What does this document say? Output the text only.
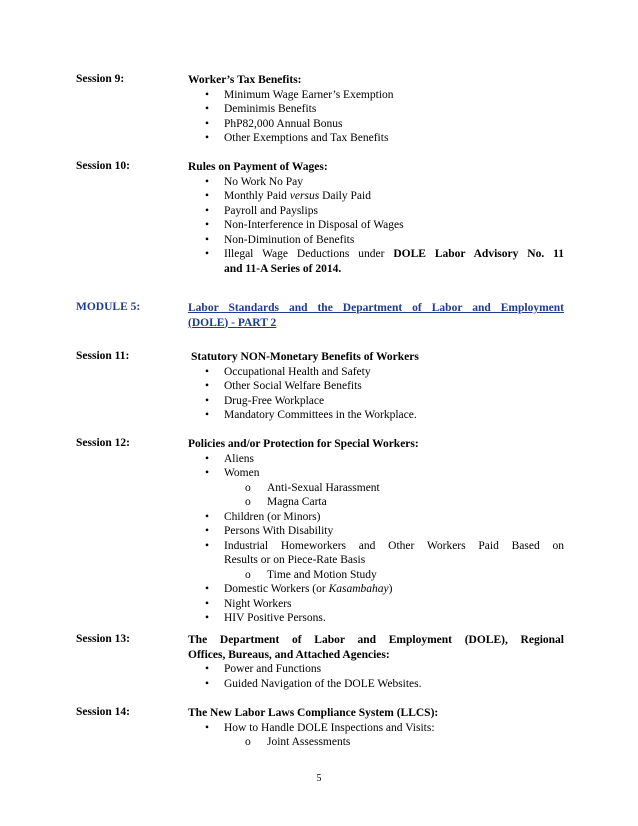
Session 9:	Worker’s Tax Benefits:
• Minimum Wage Earner’s Exemption
• Deminimis Benefits
• PhP82,000 Annual Bonus
• Other Exemptions and Tax Benefits
Session 10:	Rules on Payment of Wages:
• No Work No Pay
• Monthly Paid versus Daily Paid
• Payroll and Payslips
• Non-Interference in Disposal of Wages
• Non-Diminution of Benefits
• Illegal Wage Deductions under DOLE Labor Advisory No. 11
and 11-A Series of 2014.
MODULE 5:	Labor Standards and the Department of Labor and Employment
(DOLE) - PART 2
Session 11:	Statutory NON-Monetary Benefits of Workers
• Occupational Health and Safety
• Other Social Welfare Benefits
• Drug-Free Workplace
• Mandatory Committees in the Workplace.
Session 12:	Policies and/or Protection for Special Workers:
• Aliens
• Women
o Anti-Sexual Harassment
o Magna Carta
• Children (or Minors)
• Persons With Disability
• Industrial Homeworkers and Other Workers Paid Based on
Results or on Piece-Rate Basis
o Time and Motion Study
• Domestic Workers (or Kasambahay)
• Night Workers
• HIV Positive Persons.
Session 13:	The Department of Labor and Employment (DOLE), Regional
Offices, Bureaus, and Attached Agencies:
• Power and Functions
• Guided Navigation of the DOLE Websites.
Session 14:	The New Labor Laws Compliance System (LLCS):
• How to Handle DOLE Inspections and Visits:
o Joint Assessments
5
